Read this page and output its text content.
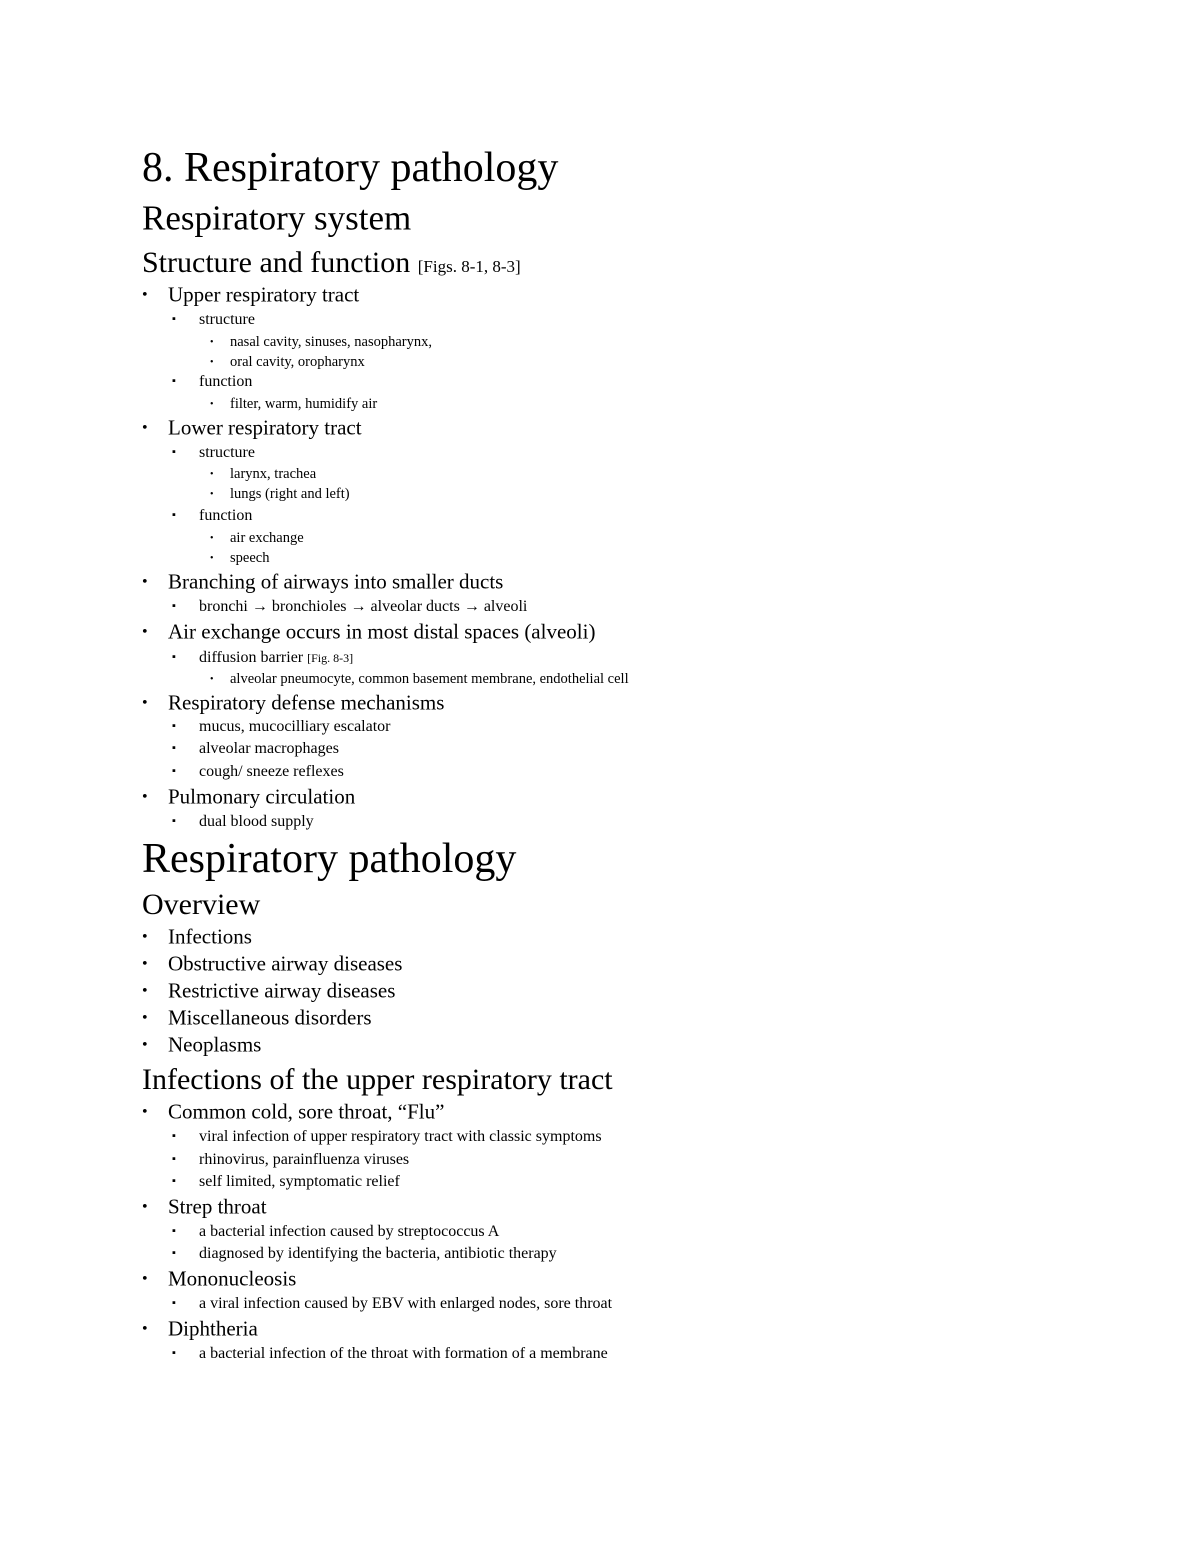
8. Respiratory pathology
Respiratory system
Structure and function [Figs. 8-1, 8-3]
• Upper respiratory tract
▪ structure
• nasal cavity, sinuses, nasopharynx,
• oral cavity, oropharynx
▪ function
• filter, warm, humidify air
• Lower respiratory tract
▪ structure
• larynx, trachea
• lungs (right and left)
▪ function
• air exchange
• speech
• Branching of airways into smaller ducts
▪ bronchi → bronchioles → alveolar ducts → alveoli
• Air exchange occurs in most distal spaces (alveoli)
▪ diffusion barrier [Fig. 8-3]
• alveolar pneumocyte, common basement membrane, endothelial cell
• Respiratory defense mechanisms
▪ mucus, mucocilliary escalator
▪ alveolar macrophages
▪ cough/ sneeze reflexes
• Pulmonary circulation
▪ dual blood supply
Respiratory pathology
Overview
• Infections
• Obstructive airway diseases
• Restrictive airway diseases
• Miscellaneous disorders
• Neoplasms
Infections of the upper respiratory tract
• Common cold, sore throat, “Flu”
▪ viral infection of upper respiratory tract with classic symptoms
▪ rhinovirus, parainfluenza viruses
▪ self limited, symptomatic relief
• Strep throat
▪ a bacterial infection caused by streptococcus A
▪ diagnosed by identifying the bacteria, antibiotic therapy
• Mononucleosis
▪ a viral infection caused by EBV with enlarged nodes, sore throat
• Diphtheria
▪ a bacterial infection of the throat with formation of a membrane
